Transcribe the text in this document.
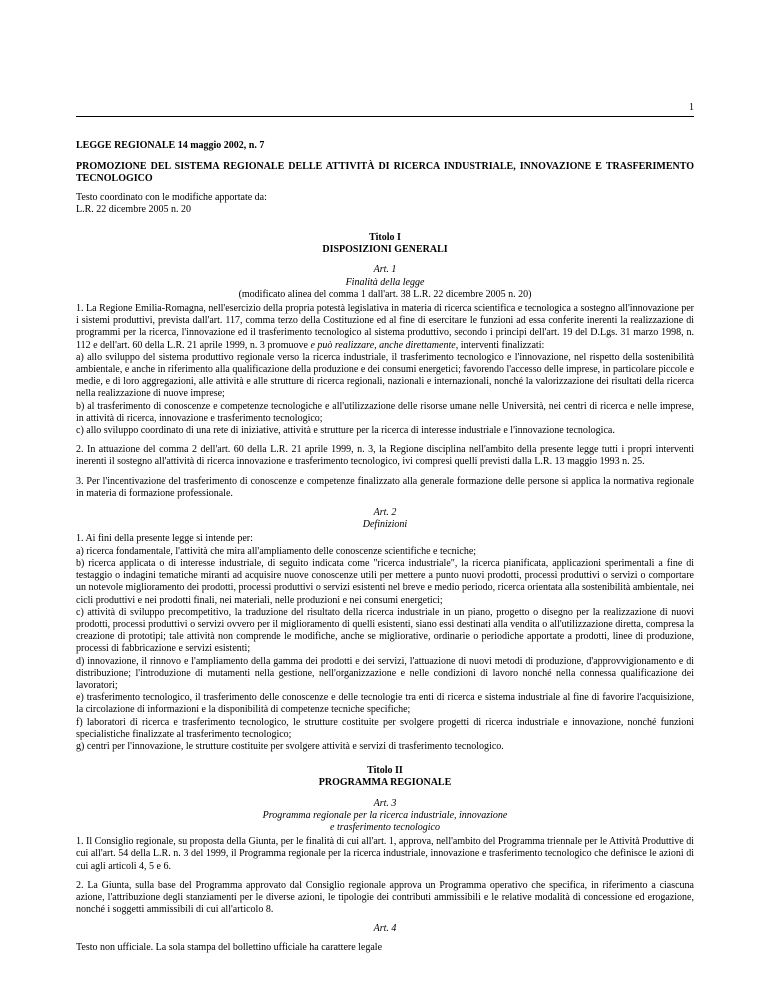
1

LEGGE REGIONALE 14 maggio 2002, n. 7

PROMOZIONE DEL SISTEMA REGIONALE DELLE ATTIVITÀ DI RICERCA INDUSTRIALE, INNOVAZIONE E TRASFERIMENTO TECNOLOGICO

Testo coordinato con le modifiche apportate da:
L.R. 22 dicembre 2005 n. 20
Titolo I
DISPOSIZIONI GENERALI
Art. 1
Finalità della legge
(modificato alinea del comma 1 dall'art. 38 L.R. 22 dicembre 2005 n. 20)

1. La Regione Emilia-Romagna, nell'esercizio della propria potestà legislativa in materia di ricerca scientifica e tecnologica a sostegno all'innovazione per i sistemi produttivi, prevista dall'art. 117, comma terzo della Costituzione ed al fine di esercitare le funzioni ad essa conferite inerenti la realizzazione di programmi per la ricerca, l'innovazione ed il trasferimento tecnologico al sistema produttivo, secondo i principi dell'art. 19 del D.Lgs. 31 marzo 1998, n. 112 e dell'art. 60 della L.R. 21 aprile 1999, n. 3 promuove e può realizzare, anche direttamente, interventi finalizzati:

a) allo sviluppo del sistema produttivo regionale verso la ricerca industriale, il trasferimento tecnologico e l'innovazione, nel rispetto della sostenibilità ambientale, e anche in riferimento alla qualificazione della produzione e dei consumi energetici; favorendo l'accesso delle imprese, in particolare piccole e medie, e di loro aggregazioni, alle attività e alle strutture di ricerca regionali, nazionali e internazionali, nonché la valorizzazione dei risultati della ricerca nella realizzazione di nuove imprese;

b) al trasferimento di conoscenze e competenze tecnologiche e all'utilizzazione delle risorse umane nelle Università, nei centri di ricerca e nelle imprese, in attività di ricerca, innovazione e trasferimento tecnologico;

c) allo sviluppo coordinato di una rete di iniziative, attività e strutture per la ricerca di interesse industriale e l'innovazione tecnologica.

2. In attuazione del comma 2 dell'art. 60 della L.R. 21 aprile 1999, n. 3, la Regione disciplina nell'ambito della presente legge tutti i propri interventi inerenti il sostegno all'attività di ricerca innovazione e trasferimento tecnologico, ivi compresi quelli previsti dalla L.R. 13 maggio 1993 n. 25.
3. Per l'incentivazione del trasferimento di conoscenze e competenze finalizzato alla generale formazione delle persone si applica la normativa regionale in materia di formazione professionale.
Art. 2
Definizioni

1. Ai fini della presente legge si intende per:

a) ricerca fondamentale, l'attività che mira all'ampliamento delle conoscenze scientifiche e tecniche;

b) ricerca applicata o di interesse industriale, di seguito indicata come "ricerca industriale", la ricerca pianificata, applicazioni sperimentali a fine di testaggio o indagini tematiche miranti ad acquisire nuove conoscenze utili per mettere a punto nuovi prodotti, processi produttivi o servizi o comportare un notevole miglioramento dei prodotti, processi produttivi o servizi esistenti nel breve e medio periodo, ricerca orientata alla sostenibilità ambientale, nei cicli produttivi e nei prodotti finali, nei materiali, nelle produzioni e nei consumi energetici;

c) attività di sviluppo precompetitivo, la traduzione del risultato della ricerca industriale in un piano, progetto o disegno per la realizzazione di nuovi prodotti, processi produttivi o servizi ovvero per il miglioramento di quelli esistenti, siano essi destinati alla vendita o all'utilizzazione diretta, compresa la creazione di prototipi; tale attività non comprende le modifiche, anche se migliorative, ordinarie o periodiche apportate a prodotti, linee di produzione, processi di fabbricazione e servizi esistenti;

d) innovazione, il rinnovo e l'ampliamento della gamma dei prodotti e dei servizi, l'attuazione di nuovi metodi di produzione, d'approvvigionamento e di distribuzione; l'introduzione di mutamenti nella gestione, nell'organizzazione e nelle condizioni di lavoro nonché nella connessa qualificazione dei lavoratori;

e) trasferimento tecnologico, il trasferimento delle conoscenze e delle tecnologie tra enti di ricerca e sistema industriale al fine di favorire l'acquisizione, la circolazione di informazioni e la disponibilità di competenze tecniche specifiche;

f) laboratori di ricerca e trasferimento tecnologico, le strutture costituite per svolgere progetti di ricerca industriale e innovazione, nonché funzioni specialistiche finalizzate al trasferimento tecnologico;

g) centri per l'innovazione, le strutture costituite per svolgere attività e servizi di trasferimento tecnologico.

Titolo II
PROGRAMMA REGIONALE
Art. 3
Programma regionale per la ricerca industriale, innovazione
e trasferimento tecnologico
1. Il Consiglio regionale, su proposta della Giunta, per le finalità di cui all'art. 1, approva, nell'ambito del Programma triennale per le Attività Produttive di cui all'art. 54 della L.R. n. 3 del 1999, il Programma regionale per la ricerca industriale, innovazione e trasferimento tecnologico che definisce le azioni di cui agli articoli 4, 5 e 6.
2. La Giunta, sulla base del Programma approvato dal Consiglio regionale approva un Programma operativo che specifica, in riferimento a ciascuna azione, l'attribuzione degli stanziamenti per le diverse azioni, le tipologie dei contributi ammissibili e le relative modalità di concessione ed erogazione, nonché i soggetti ammissibili di cui all'articolo 8.
Art. 4
Testo non ufficiale. La sola stampa del bollettino ufficiale ha carattere legale
